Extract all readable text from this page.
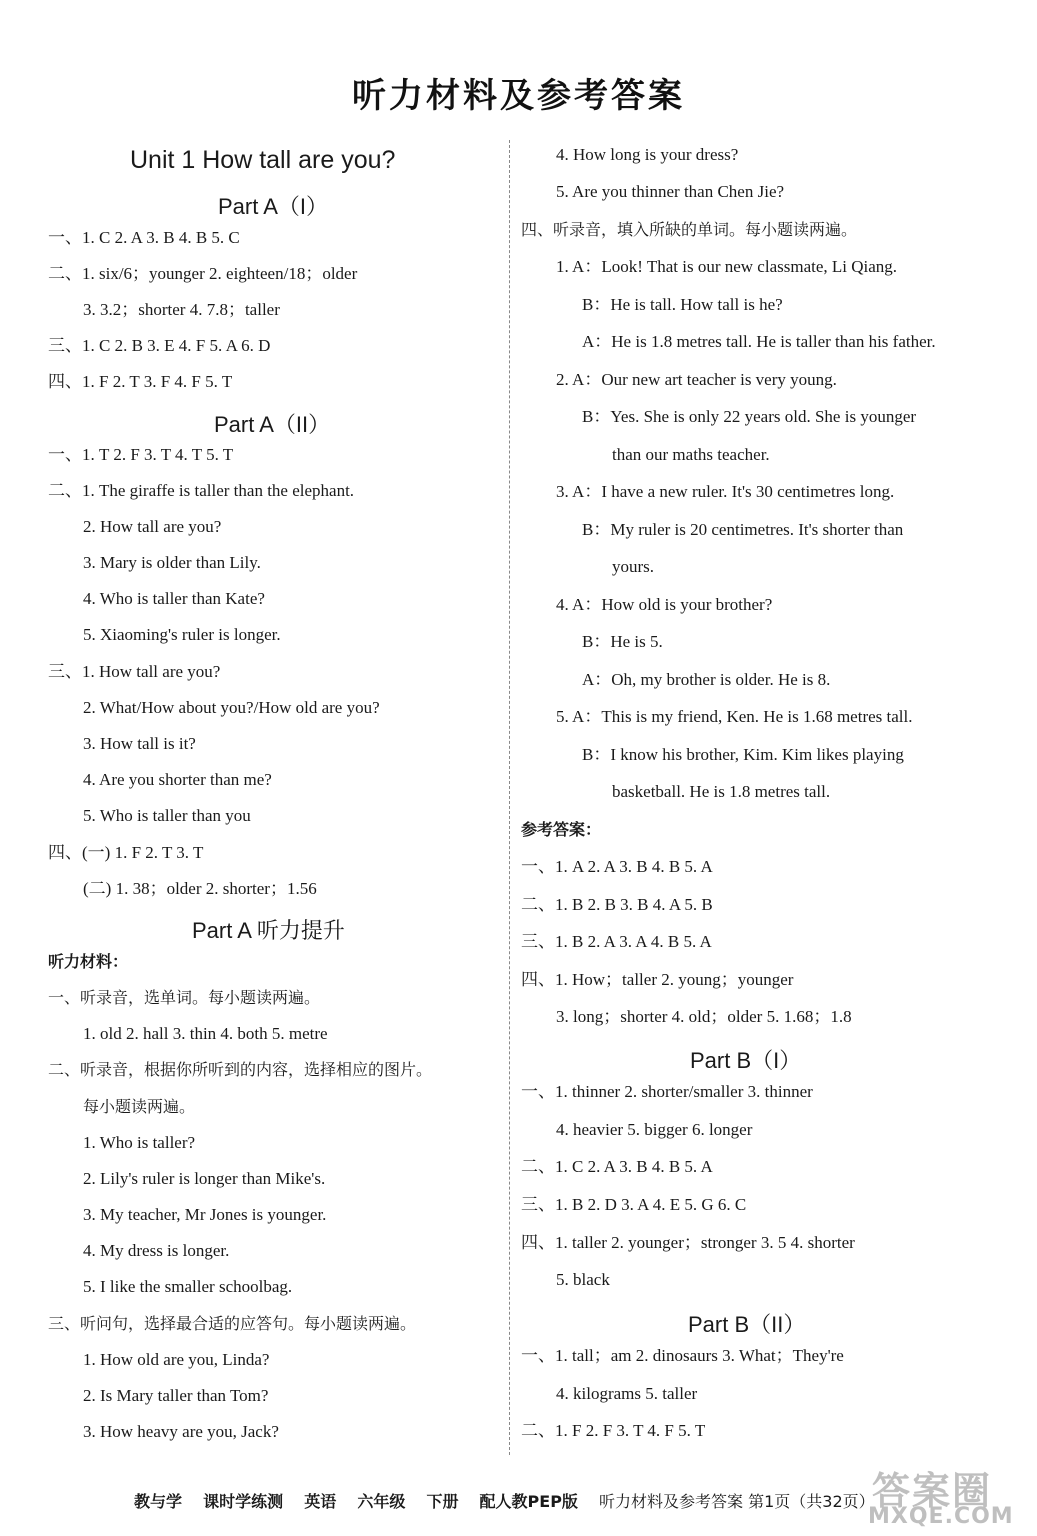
听力材料及参考答案
Unit 1 How tall are you?
Part A（I）
一、1. C 2. A 3. B 4. B 5. C
二、1. six/6；younger 2. eighteen/18；older
3. 3.2；shorter 4. 7.8；taller
三、1. C 2. B 3. E 4. F 5. A 6. D
四、1. F 2. T 3. F 4. F 5. T
Part A（II）
一、1. T 2. F 3. T 4. T 5. T
二、1. The giraffe is taller than the elephant.
2. How tall are you?
3. Mary is older than Lily.
4. Who is taller than Kate?
5. Xiaoming's ruler is longer.
三、1. How tall are you?
2. What/How about you?/How old are you?
3. How tall is it?
4. Are you shorter than me?
5. Who is taller than you
四、(一) 1. F 2. T 3. T
(二) 1. 38；older 2. shorter；1.56
Part A 听力提升
听力材料：
一、听录音，选单词。每小题读两遍。
1. old 2. hall 3. thin 4. both 5. metre
二、听录音，根据你所听到的内容，选择相应的图片。
每小题读两遍。
1. Who is taller?
2. Lily's ruler is longer than Mike's.
3. My teacher, Mr Jones is younger.
4. My dress is longer.
5. I like the smaller schoolbag.
三、听问句，选择最合适的应答句。每小题读两遍。
1. How old are you, Linda?
2. Is Mary taller than Tom?
3. How heavy are you, Jack?
4. How long is your dress?
5. Are you thinner than Chen Jie?
四、听录音，填入所缺的单词。每小题读两遍。
1. A：Look! That is our new classmate, Li Qiang.
B：He is tall. How tall is he?
A：He is 1.8 metres tall. He is taller than his father.
2. A：Our new art teacher is very young.
B：Yes. She is only 22 years old. She is younger
than our maths teacher.
3. A：I have a new ruler. It's 30 centimetres long.
B：My ruler is 20 centimetres. It's shorter than
yours.
4. A：How old is your brother?
B：He is 5.
A：Oh, my brother is older. He is 8.
5. A：This is my friend, Ken. He is 1.68 metres tall.
B：I know his brother, Kim. Kim likes playing
basketball. He is 1.8 metres tall.
参考答案：
一、1. A 2. A 3. B 4. B 5. A
二、1. B 2. B 3. B 4. A 5. B
三、1. B 2. A 3. A 4. B 5. A
四、1. How；taller 2. young；younger
3. long；shorter 4. old；older 5. 1.68；1.8
Part B（I）
一、1. thinner 2. shorter/smaller 3. thinner
4. heavier 5. bigger 6. longer
二、1. C 2. A 3. B 4. B 5. A
三、1. B 2. D 3. A 4. E 5. G 6. C
四、1. taller 2. younger；stronger 3. 5 4. shorter
5. black
Part B（II）
一、1. tall；am 2. dinosaurs 3. What；They're
4. kilograms 5. taller
二、1. F 2. F 3. T 4. F 5. T
教与学 课时学练测 英语 六年级 下册 配人教PEP版 听力材料及参考答案 第1页（共32页）
答案圈
MXQE.COM
